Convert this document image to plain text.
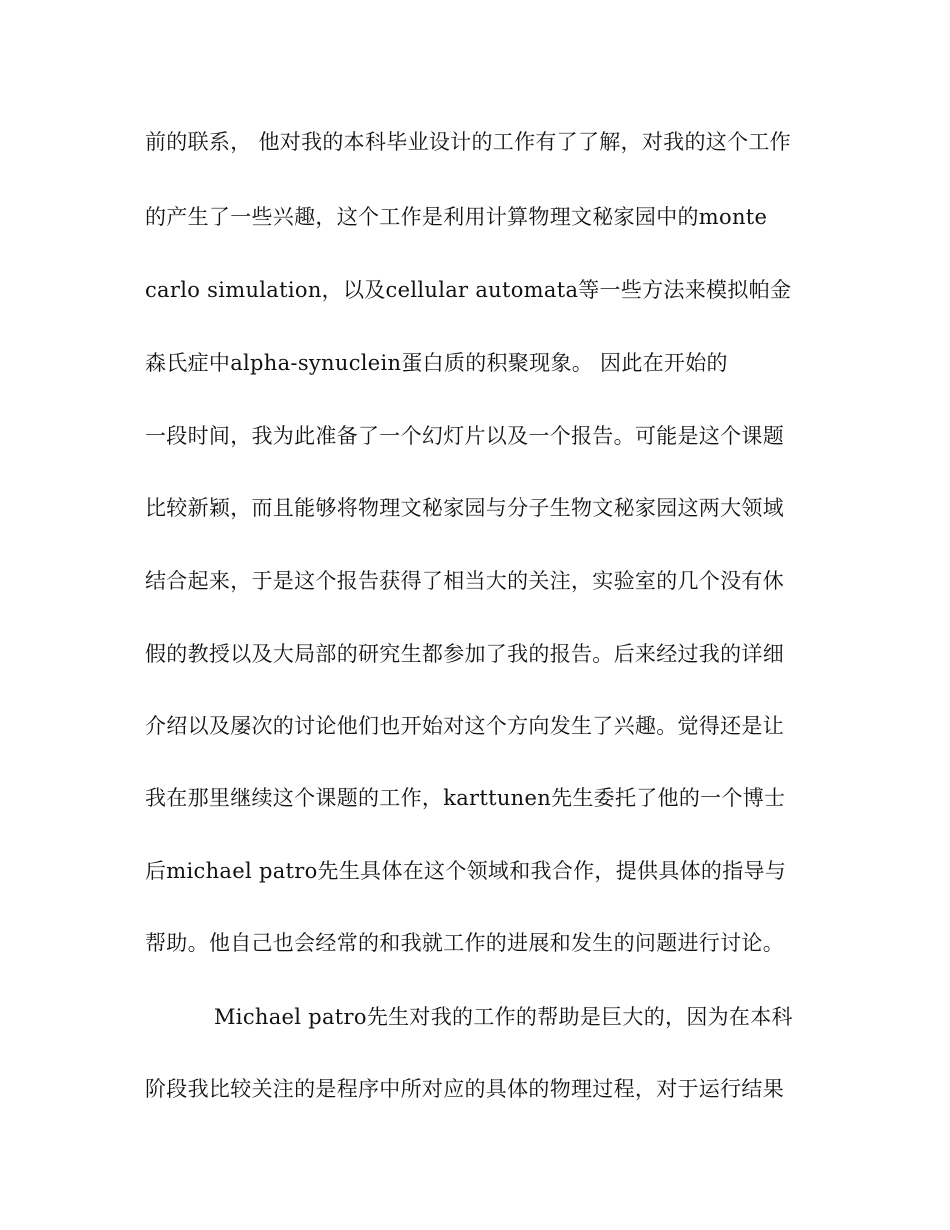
前的联系， 他对我的本科毕业设计的工作有了了解，对我的这个工作
的产生了一些兴趣，这个工作是利用计算物理文秘家园中的monte
carlo simulation，以及cellular automata等一些方法来模拟帕金
森氏症中alpha-synuclein蛋白质的积聚现象。 因此在开始的
一段时间，我为此准备了一个幻灯片以及一个报告。可能是这个课题
比较新颖，而且能够将物理文秘家园与分子生物文秘家园这两大领域
结合起来，于是这个报告获得了相当大的关注，实验室的几个没有休
假的教授以及大局部的研究生都参加了我的报告。后来经过我的详细
介绍以及屡次的讨论他们也开始对这个方向发生了兴趣。觉得还是让
我在那里继续这个课题的工作，karttunen先生委托了他的一个博士
后michael patro先生具体在这个领域和我合作，提供具体的指导与
帮助。他自己也会经常的和我就工作的进展和发生的问题进行讨论。
Michael patro先生对我的工作的帮助是巨大的，因为在本科
阶段我比较关注的是程序中所对应的具体的物理过程，对于运行结果
